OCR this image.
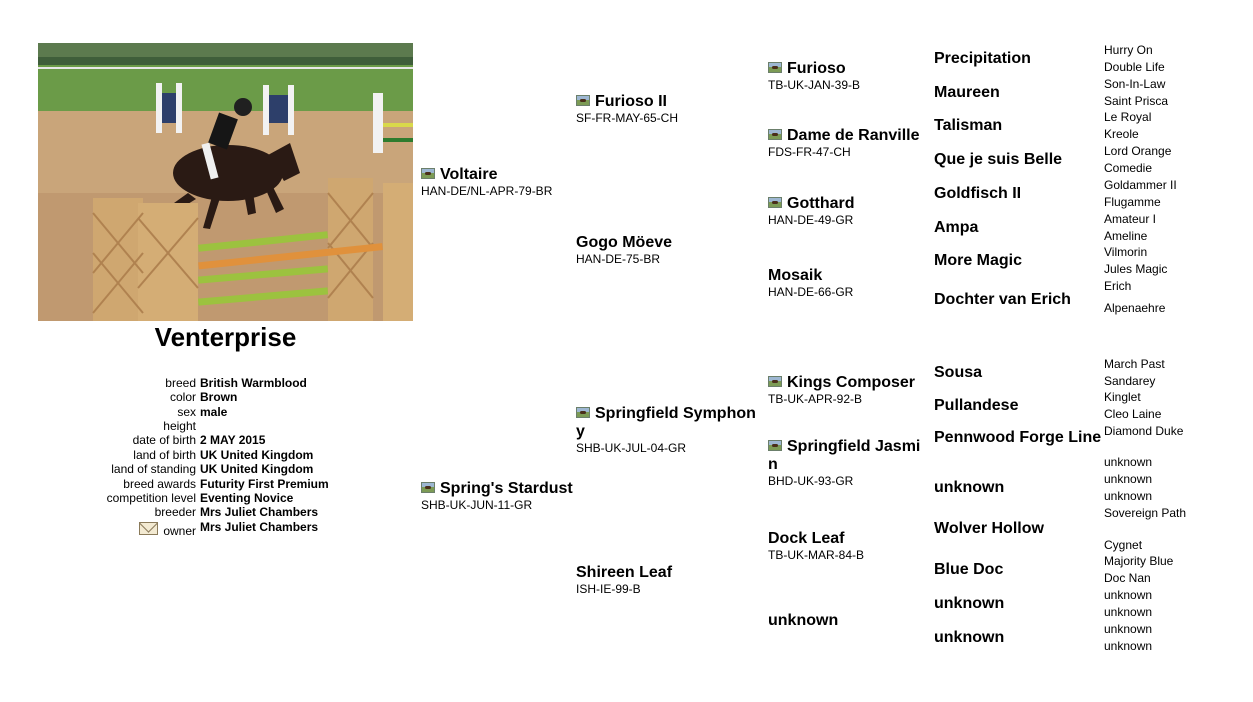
Venterprise
breed British Warmblood
color Brown
sex male
height
date of birth 2 MAY 2015
land of birth UK United Kingdom
land of standing UK United Kingdom
breed awards Futurity First Premium
competition level Eventing Novice
breeder Mrs Juliet Chambers
owner Mrs Juliet Chambers
Voltaire
HAN-DE/NL-APR-79-BR
Spring's Stardust
SHB-UK-JUN-11-GR
Furioso II
SF-FR-MAY-65-CH
Gogo Möeve
HAN-DE-75-BR
Springfield Symphony
SHB-UK-JUL-04-GR
Shireen Leaf
ISH-IE-99-B
Furioso
TB-UK-JAN-39-B
Dame de Ranville
FDS-FR-47-CH
Gotthard
HAN-DE-49-GR
Mosaik
HAN-DE-66-GR
Kings Composer
TB-UK-APR-92-B
Springfield Jasmin
BHD-UK-93-GR
Dock Leaf
TB-UK-MAR-84-B
unknown
Precipitation
Maureen
Talisman
Que je suis Belle
Goldfisch II
Ampa
More Magic
Dochter van Erich
Sousa
Pullandese
Pennwood Forge Line
unknown
Wolver Hollow
Blue Doc
unknown
unknown
Hurry On
Double Life
Son-In-Law
Saint Prisca
Le Royal
Kreole
Lord Orange
Comedie
Goldammer II
Flugamme
Amateur I
Ameline
Vilmorin
Jules Magic
Erich
Alpenaehre
March Past
Sandarey
Kinglet
Cleo Laine
Diamond Duke
unknown
unknown
unknown
Sovereign Path
Cygnet
Majority Blue
Doc Nan
unknown
unknown
unknown
unknown
